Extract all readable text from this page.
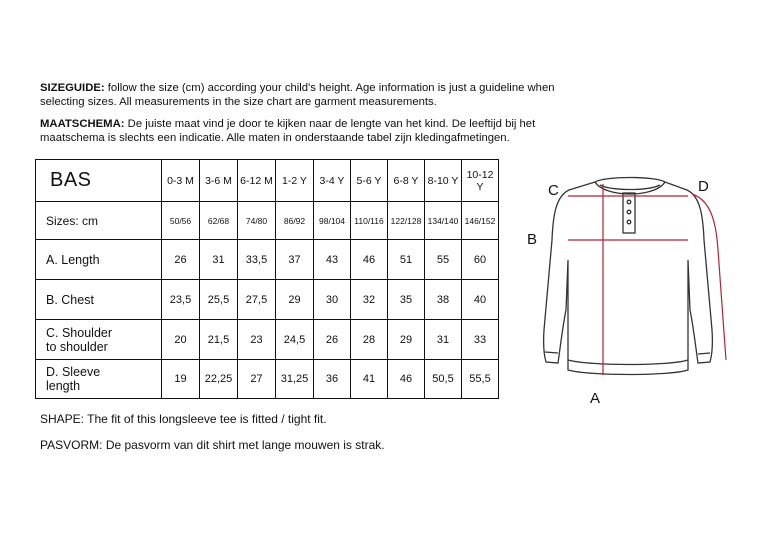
SIZEGUIDE: follow the size (cm) according your child's height. Age information is just a guideline when selecting sizes. All measurements in the size chart are garment measurements.

MAATSCHEMA: De juiste maat vind je door te kijken naar de lengte van het kind. De leeftijd bij het maatschema is slechts een indicatie. Alle maten in onderstaande tabel zijn kledingafmetingen.

BAS	0-3 M	3-6 M	6-12 M	1-2 Y	3-4 Y	5-6 Y	6-8 Y	8-10 Y	10-12 Y
Sizes: cm	50/56	62/68	74/80	86/92	98/104	110/116	122/128	134/140	146/152
A. Length	26	31	33,5	37	43	46	51	55	60
B. Chest	23,5	25,5	27,5	29	30	32	35	38	40
C. Shoulder
to shoulder	20	21,5	23	24,5	26	28	29	31	33
D. Sleeve
length	19	22,25	27	31,25	36	41	46	50,5	55,5
C
B
D
A

SHAPE: The fit of this longsleeve tee is fitted / tight fit.

PASVORM: De pasvorm van dit shirt met lange mouwen is strak.
